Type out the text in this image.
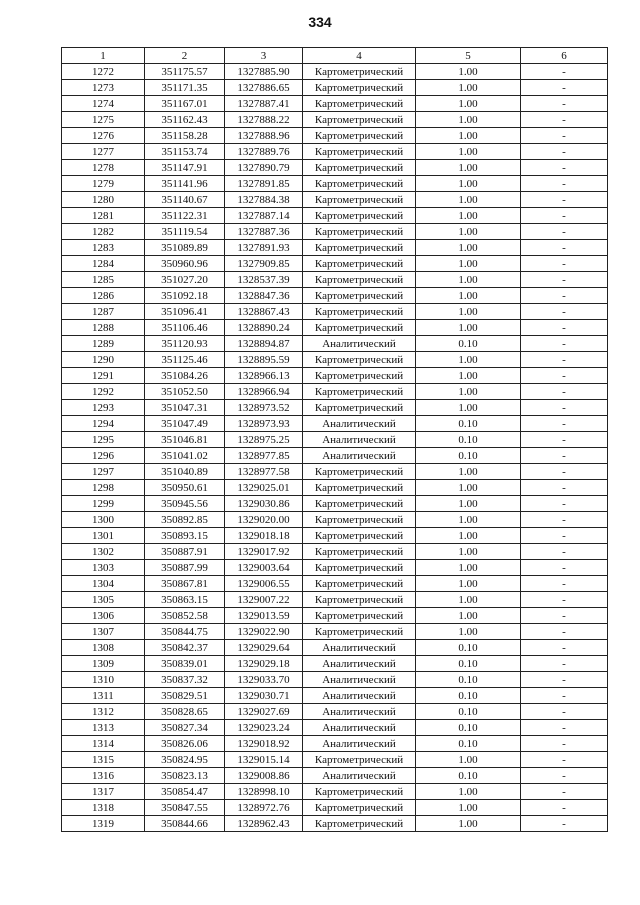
334
1	2	3	4	5	6
1272	351175.57	1327885.90	Картометрический	1.00	-
1273	351171.35	1327886.65	Картометрический	1.00	-
1274	351167.01	1327887.41	Картометрический	1.00	-
1275	351162.43	1327888.22	Картометрический	1.00	-
1276	351158.28	1327888.96	Картометрический	1.00	-
1277	351153.74	1327889.76	Картометрический	1.00	-
1278	351147.91	1327890.79	Картометрический	1.00	-
1279	351141.96	1327891.85	Картометрический	1.00	-
1280	351140.67	1327884.38	Картометрический	1.00	-
1281	351122.31	1327887.14	Картометрический	1.00	-
1282	351119.54	1327887.36	Картометрический	1.00	-
1283	351089.89	1327891.93	Картометрический	1.00	-
1284	350960.96	1327909.85	Картометрический	1.00	-
1285	351027.20	1328537.39	Картометрический	1.00	-
1286	351092.18	1328847.36	Картометрический	1.00	-
1287	351096.41	1328867.43	Картометрический	1.00	-
1288	351106.46	1328890.24	Картометрический	1.00	-
1289	351120.93	1328894.87	Аналитический	0.10	-
1290	351125.46	1328895.59	Картометрический	1.00	-
1291	351084.26	1328966.13	Картометрический	1.00	-
1292	351052.50	1328966.94	Картометрический	1.00	-
1293	351047.31	1328973.52	Картометрический	1.00	-
1294	351047.49	1328973.93	Аналитический	0.10	-
1295	351046.81	1328975.25	Аналитический	0.10	-
1296	351041.02	1328977.85	Аналитический	0.10	-
1297	351040.89	1328977.58	Картометрический	1.00	-
1298	350950.61	1329025.01	Картометрический	1.00	-
1299	350945.56	1329030.86	Картометрический	1.00	-
1300	350892.85	1329020.00	Картометрический	1.00	-
1301	350893.15	1329018.18	Картометрический	1.00	-
1302	350887.91	1329017.92	Картометрический	1.00	-
1303	350887.99	1329003.64	Картометрический	1.00	-
1304	350867.81	1329006.55	Картометрический	1.00	-
1305	350863.15	1329007.22	Картометрический	1.00	-
1306	350852.58	1329013.59	Картометрический	1.00	-
1307	350844.75	1329022.90	Картометрический	1.00	-
1308	350842.37	1329029.64	Аналитический	0.10	-
1309	350839.01	1329029.18	Аналитический	0.10	-
1310	350837.32	1329033.70	Аналитический	0.10	-
1311	350829.51	1329030.71	Аналитический	0.10	-
1312	350828.65	1329027.69	Аналитический	0.10	-
1313	350827.34	1329023.24	Аналитический	0.10	-
1314	350826.06	1329018.92	Аналитический	0.10	-
1315	350824.95	1329015.14	Картометрический	1.00	-
1316	350823.13	1329008.86	Аналитический	0.10	-
1317	350854.47	1328998.10	Картометрический	1.00	-
1318	350847.55	1328972.76	Картометрический	1.00	-
1319	350844.66	1328962.43	Картометрический	1.00	-
